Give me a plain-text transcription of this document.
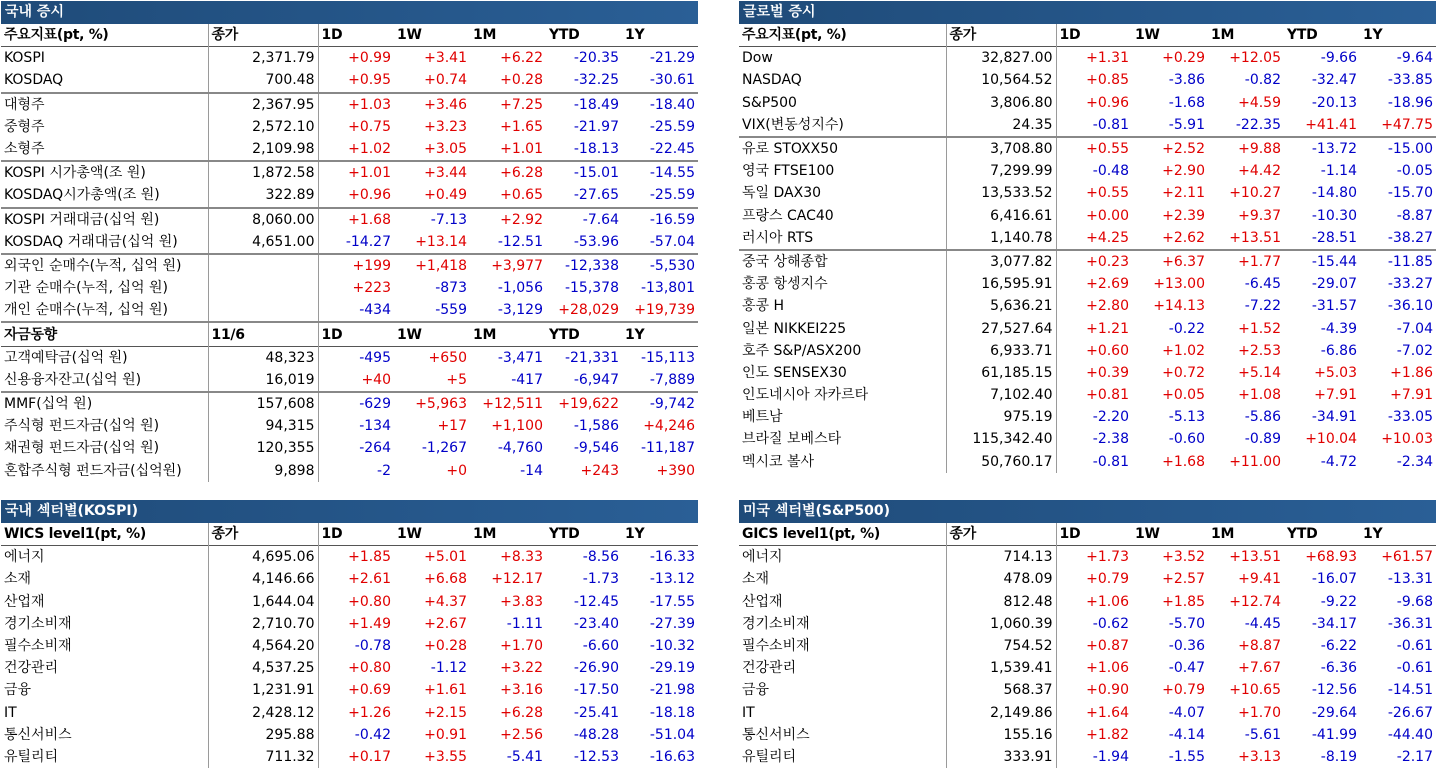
국내 증시
주요지표(pt, %)	종가	1D	1W	1M	YTD	1Y
KOSPI	2,371.79	+0.99	+3.41	+6.22	-20.35	-21.29
KOSDAQ	700.48	+0.95	+0.74	+0.28	-32.25	-30.61
대형주	2,367.95	+1.03	+3.46	+7.25	-18.49	-18.40
중형주	2,572.10	+0.75	+3.23	+1.65	-21.97	-25.59
소형주	2,109.98	+1.02	+3.05	+1.01	-18.13	-22.45
KOSPI 시가총액(조 원)	1,872.58	+1.01	+3.44	+6.28	-15.01	-14.55
KOSDAQ시가총액(조 원)	322.89	+0.96	+0.49	+0.65	-27.65	-25.59
KOSPI 거래대금(십억 원)	8,060.00	+1.68	-7.13	+2.92	-7.64	-16.59
KOSDAQ 거래대금(십억 원)	4,651.00	-14.27	+13.14	-12.51	-53.96	-57.04
외국인 순매수(누적, 십억 원)		+199	+1,418	+3,977	-12,338	-5,530
기관 순매수(누적, 십억 원)		+223	-873	-1,056	-15,378	-13,801
개인 순매수(누적, 십억 원)		-434	-559	-3,129	+28,029	+19,739
자금동향	11/6	1D	1W	1M	YTD	1Y
고객예탁금(십억 원)	48,323	-495	+650	-3,471	-21,331	-15,113
신용융자잔고(십억 원)	16,019	+40	+5	-417	-6,947	-7,889
MMF(십억 원)	157,608	-629	+5,963	+12,511	+19,622	-9,742
주식형 펀드자금(십억 원)	94,315	-134	+17	+1,100	-1,586	+4,246
채권형 펀드자금(십억 원)	120,355	-264	-1,267	-4,760	-9,546	-11,187
혼합주식형 펀드자금(십억원)	9,898	-2	+0	-14	+243	+390
글로벌 증시
주요지표(pt, %)	종가	1D	1W	1M	YTD	1Y
Dow	32,827.00	+1.31	+0.29	+12.05	-9.66	-9.64
NASDAQ	10,564.52	+0.85	-3.86	-0.82	-32.47	-33.85
S&P500	3,806.80	+0.96	-1.68	+4.59	-20.13	-18.96
VIX(변동성지수)	24.35	-0.81	-5.91	-22.35	+41.41	+47.75
유로 STOXX50	3,708.80	+0.55	+2.52	+9.88	-13.72	-15.00
영국 FTSE100	7,299.99	-0.48	+2.90	+4.42	-1.14	-0.05
독일 DAX30	13,533.52	+0.55	+2.11	+10.27	-14.80	-15.70
프랑스 CAC40	6,416.61	+0.00	+2.39	+9.37	-10.30	-8.87
러시아 RTS	1,140.78	+4.25	+2.62	+13.51	-28.51	-38.27
중국 상해종합	3,077.82	+0.23	+6.37	+1.77	-15.44	-11.85
홍콩 항셍지수	16,595.91	+2.69	+13.00	-6.45	-29.07	-33.27
홍콩 H	5,636.21	+2.80	+14.13	-7.22	-31.57	-36.10
일본 NIKKEI225	27,527.64	+1.21	-0.22	+1.52	-4.39	-7.04
호주 S&P/ASX200	6,933.71	+0.60	+1.02	+2.53	-6.86	-7.02
인도 SENSEX30	61,185.15	+0.39	+0.72	+5.14	+5.03	+1.86
인도네시아 자카르타	7,102.40	+0.81	+0.05	+1.08	+7.91	+7.91
베트남	975.19	-2.20	-5.13	-5.86	-34.91	-33.05
브라질 보베스타	115,342.40	-2.38	-0.60	-0.89	+10.04	+10.03
멕시코 볼사	50,760.17	-0.81	+1.68	+11.00	-4.72	-2.34
국내 섹터별(KOSPI)
WICS level1(pt, %)	종가	1D	1W	1M	YTD	1Y
에너지	4,695.06	+1.85	+5.01	+8.33	-8.56	-16.33
소재	4,146.66	+2.61	+6.68	+12.17	-1.73	-13.12
산업재	1,644.04	+0.80	+4.37	+3.83	-12.45	-17.55
경기소비재	2,710.70	+1.49	+2.67	-1.11	-23.40	-27.39
필수소비재	4,564.20	-0.78	+0.28	+1.70	-6.60	-10.32
건강관리	4,537.25	+0.80	-1.12	+3.22	-26.90	-29.19
금융	1,231.91	+0.69	+1.61	+3.16	-17.50	-21.98
IT	2,428.12	+1.26	+2.15	+6.28	-25.41	-18.18
통신서비스	295.88	-0.42	+0.91	+2.56	-48.28	-51.04
유틸리티	711.32	+0.17	+3.55	-5.41	-12.53	-16.63
미국 섹터별(S&P500)
GICS level1(pt, %)	종가	1D	1W	1M	YTD	1Y
에너지	714.13	+1.73	+3.52	+13.51	+68.93	+61.57
소재	478.09	+0.79	+2.57	+9.41	-16.07	-13.31
산업재	812.48	+1.06	+1.85	+12.74	-9.22	-9.68
경기소비재	1,060.39	-0.62	-5.70	-4.45	-34.17	-36.31
필수소비재	754.52	+0.87	-0.36	+8.87	-6.22	-0.61
건강관리	1,539.41	+1.06	-0.47	+7.67	-6.36	-0.61
금융	568.37	+0.90	+0.79	+10.65	-12.56	-14.51
IT	2,149.86	+1.64	-4.07	+1.70	-29.64	-26.67
통신서비스	155.16	+1.82	-4.14	-5.61	-41.99	-44.40
유틸리티	333.91	-1.94	-1.55	+3.13	-8.19	-2.17
